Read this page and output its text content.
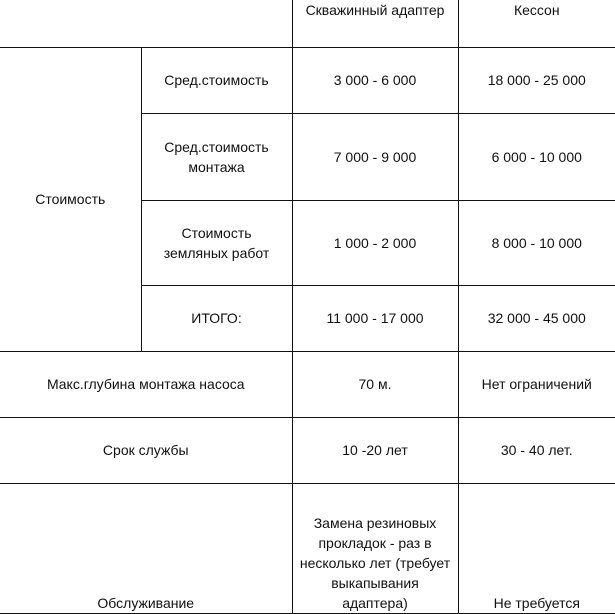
		Скважинный адаптер	Кессон
Стоимость	Сред.стоимость	3 000 - 6 000	18 000 - 25 000
	Сред.стоимость монтажа	7 000 - 9 000	6 000 - 10 000
	Стоимость земляных работ	1 000 - 2 000	8 000 - 10 000
	ИТОГО:	11 000 - 17 000	32 000 - 45 000
Макс.глубина монтажа насоса		70 м.	Нет ограничений
Срок службы		10 -20 лет	30 - 40 лет.
Обслуживание		Замена резиновых прокладок - раз в несколько лет (требует выкапывания адаптера)	Не требуется
